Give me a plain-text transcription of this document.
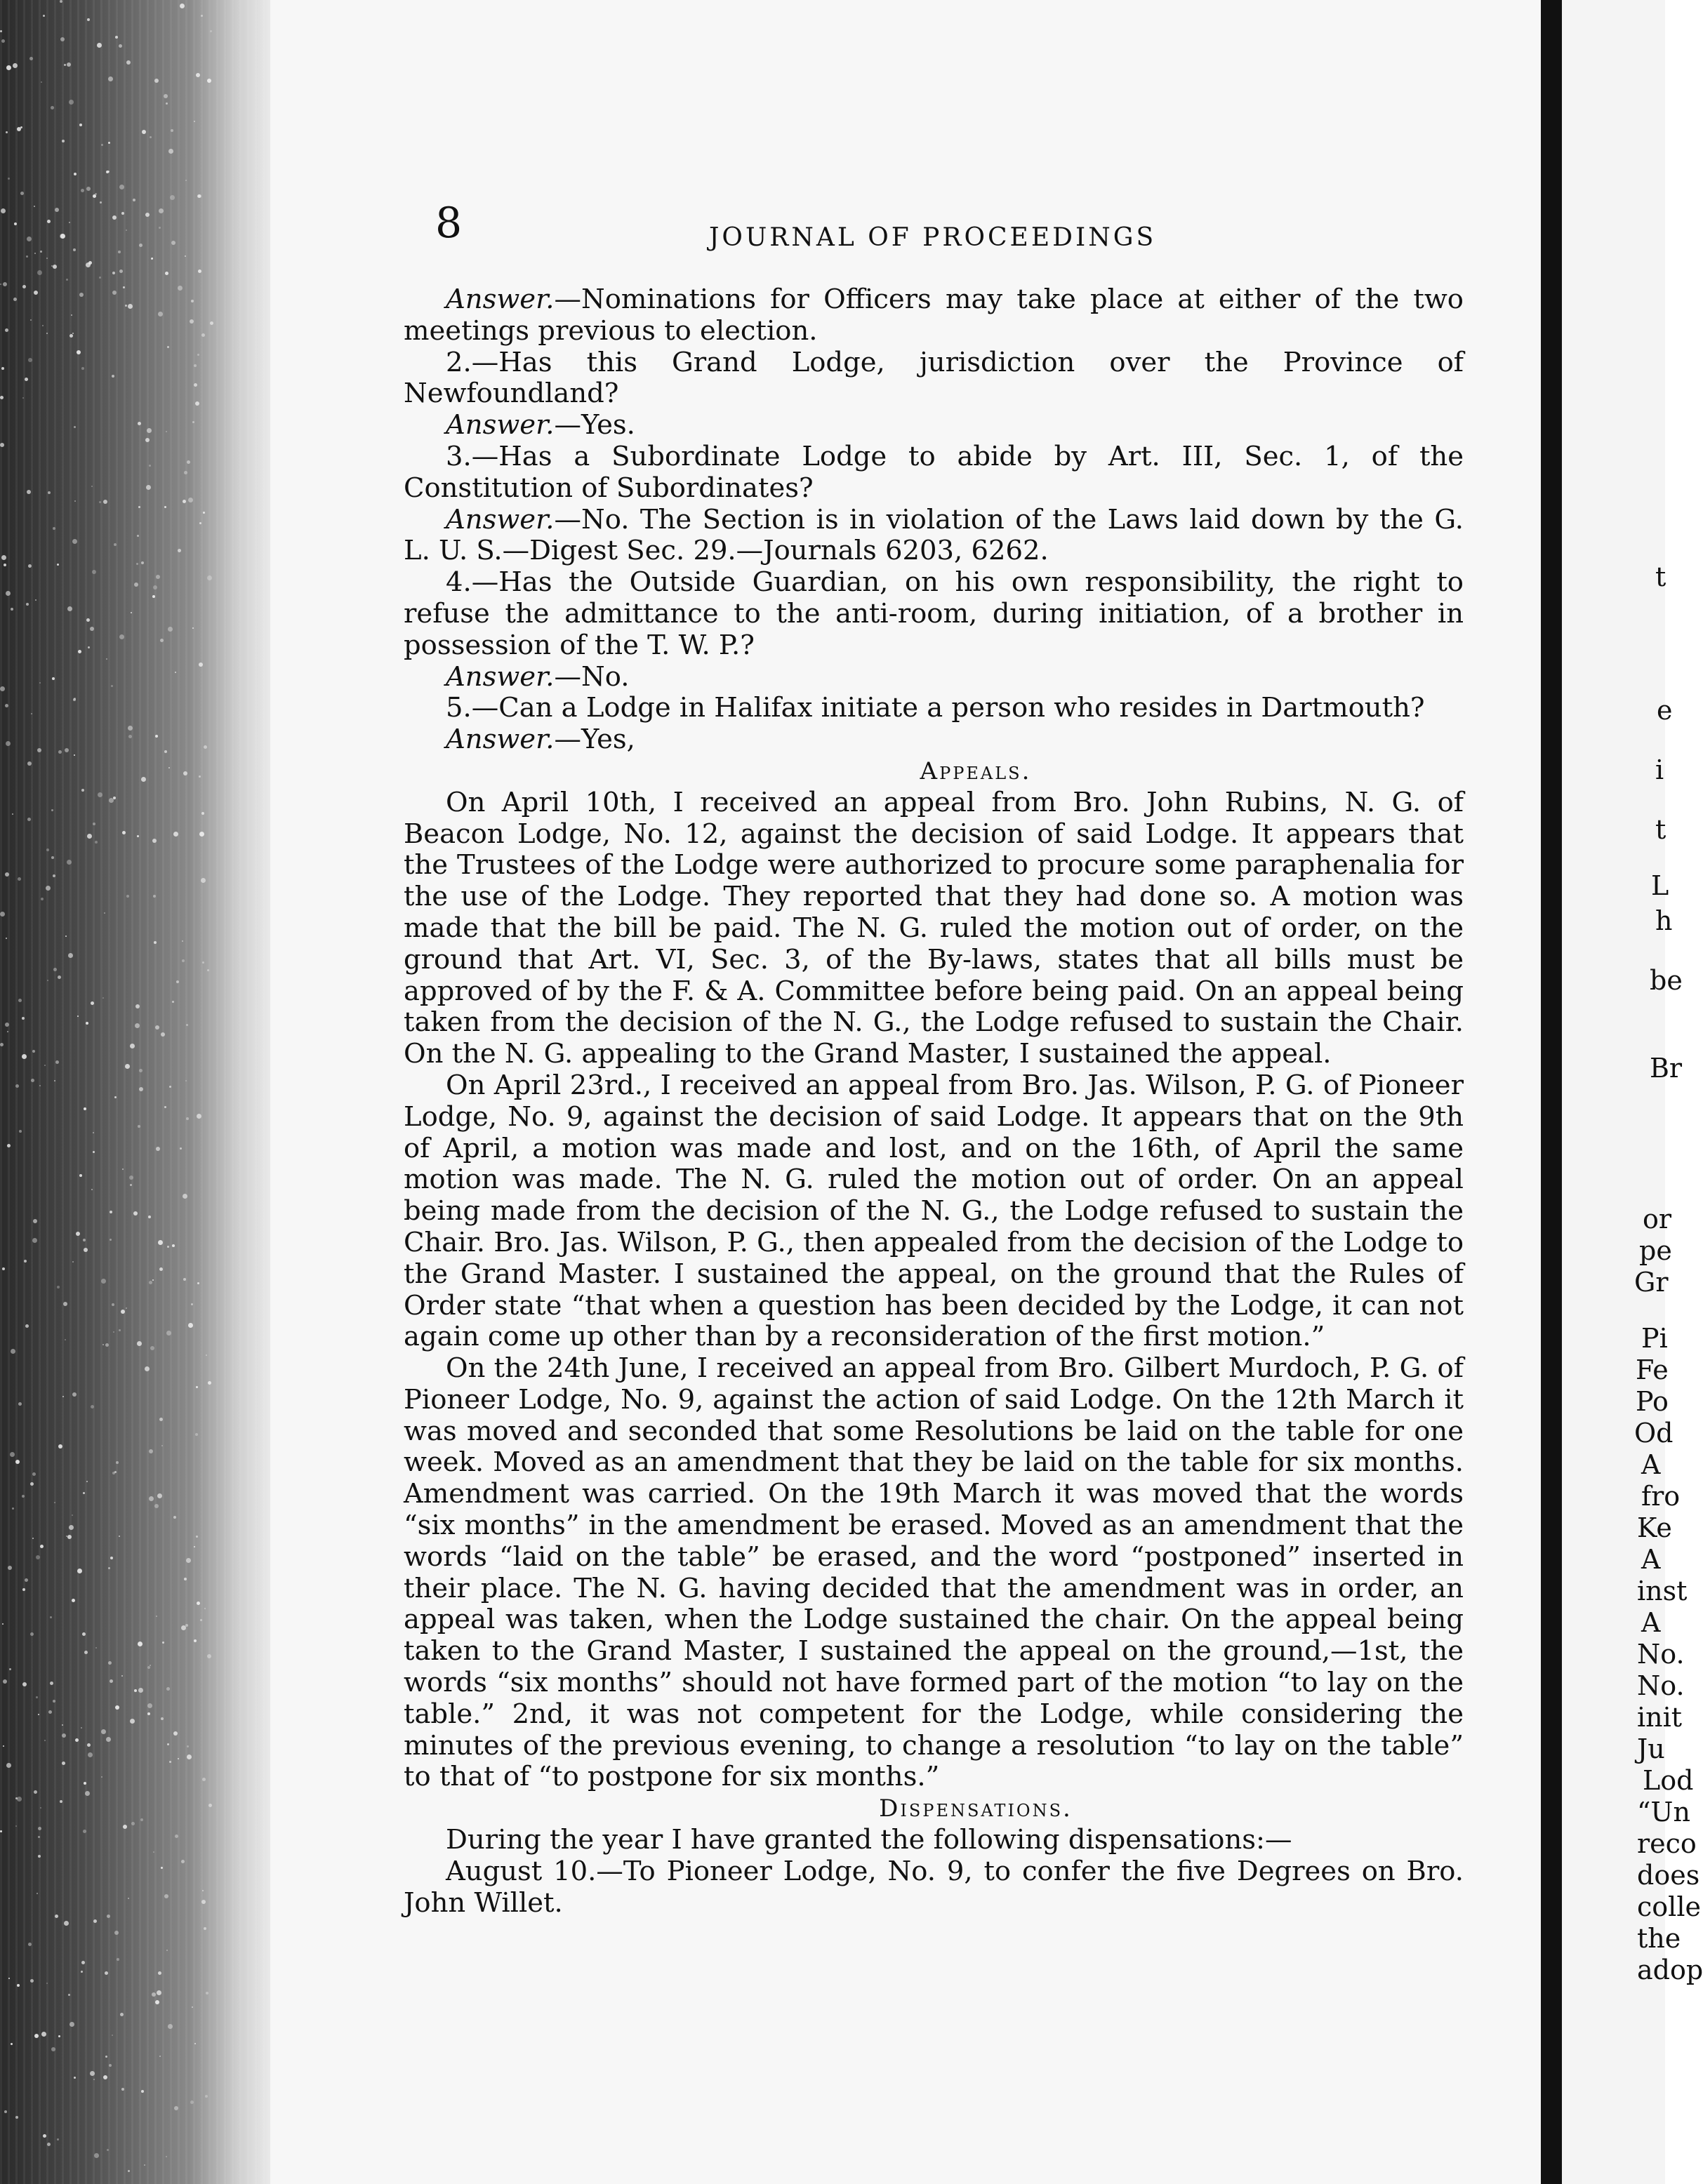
t
e
i
t
L
h
be
Br
or
pe
Gr
Pi
Fe
Po
Od
A
fro
Ke
A
inst
A
No.
No.
init
Ju
Lod
“Un
reco
does
colle
the
adop
8	JOURNAL OF PROCEEDINGS

Answer.—Nominations for Officers may take place at either of the two meetings previous to election.

2.—Has this Grand Lodge, jurisdiction over the Province of Newfoundland?

Answer.—Yes.

3.—Has a Subordinate Lodge to abide by Art. III, Sec. 1, of the Constitution of Subordinates?

Answer.—No. The Section is in violation of the Laws laid down by the G. L. U. S.—Digest Sec. 29.—Journals 6203, 6262.

4.—Has the Outside Guardian, on his own responsibility, the right to refuse the admittance to the anti-room, during initiation, of a brother in possession of the T. W. P.?

Answer.—No.

5.—Can a Lodge in Halifax initiate a person who resides in Dartmouth?

Answer.—Yes,

Appeals.

On April 10th, I received an appeal from Bro. John Rubins, N. G. of Beacon Lodge, No. 12, against the decision of said Lodge. It appears that the Trustees of the Lodge were authorized to procure some paraphenalia for the use of the Lodge. They reported that they had done so. A motion was made that the bill be paid. The N. G. ruled the motion out of order, on the ground that Art. VI, Sec. 3, of the By-laws, states that all bills must be approved of by the F. & A. Committee before being paid. On an appeal being taken from the decision of the N. G., the Lodge refused to sustain the Chair. On the N. G. appealing to the Grand Master, I sustained the appeal.

On April 23rd., I received an appeal from Bro. Jas. Wilson, P. G. of Pioneer Lodge, No. 9, against the decision of said Lodge. It appears that on the 9th of April, a motion was made and lost, and on the 16th, of April the same motion was made. The N. G. ruled the motion out of order. On an appeal being made from the decision of the N. G., the Lodge refused to sustain the Chair. Bro. Jas. Wilson, P. G., then appealed from the decision of the Lodge to the Grand Master. I sustained the appeal, on the ground that the Rules of Order state “that when a question has been decided by the Lodge, it can not again come up other than by a reconsideration of the first motion.”

On the 24th June, I received an appeal from Bro. Gilbert Murdoch, P. G. of Pioneer Lodge, No. 9, against the action of said Lodge. On the 12th March it was moved and seconded that some Resolutions be laid on the table for one week. Moved as an amendment that they be laid on the table for six months. Amendment was carried. On the 19th March it was moved that the words “six months” in the amendment be erased. Moved as an amendment that the words “laid on the table” be erased, and the word “postponed” inserted in their place. The N. G. having decided that the amendment was in order, an appeal was taken, when the Lodge sustained the chair. On the appeal being taken to the Grand Master, I sustained the appeal on the ground,—1st, the words “six months” should not have formed part of the motion “to lay on the table.” 2nd, it was not competent for the Lodge, while considering the minutes of the previous evening, to change a resolution “to lay on the table” to that of “to postpone for six months.”

Dispensations.

During the year I have granted the following dispensations:—

August 10.—To Pioneer Lodge, No. 9, to confer the five Degrees on Bro. John Willet.
